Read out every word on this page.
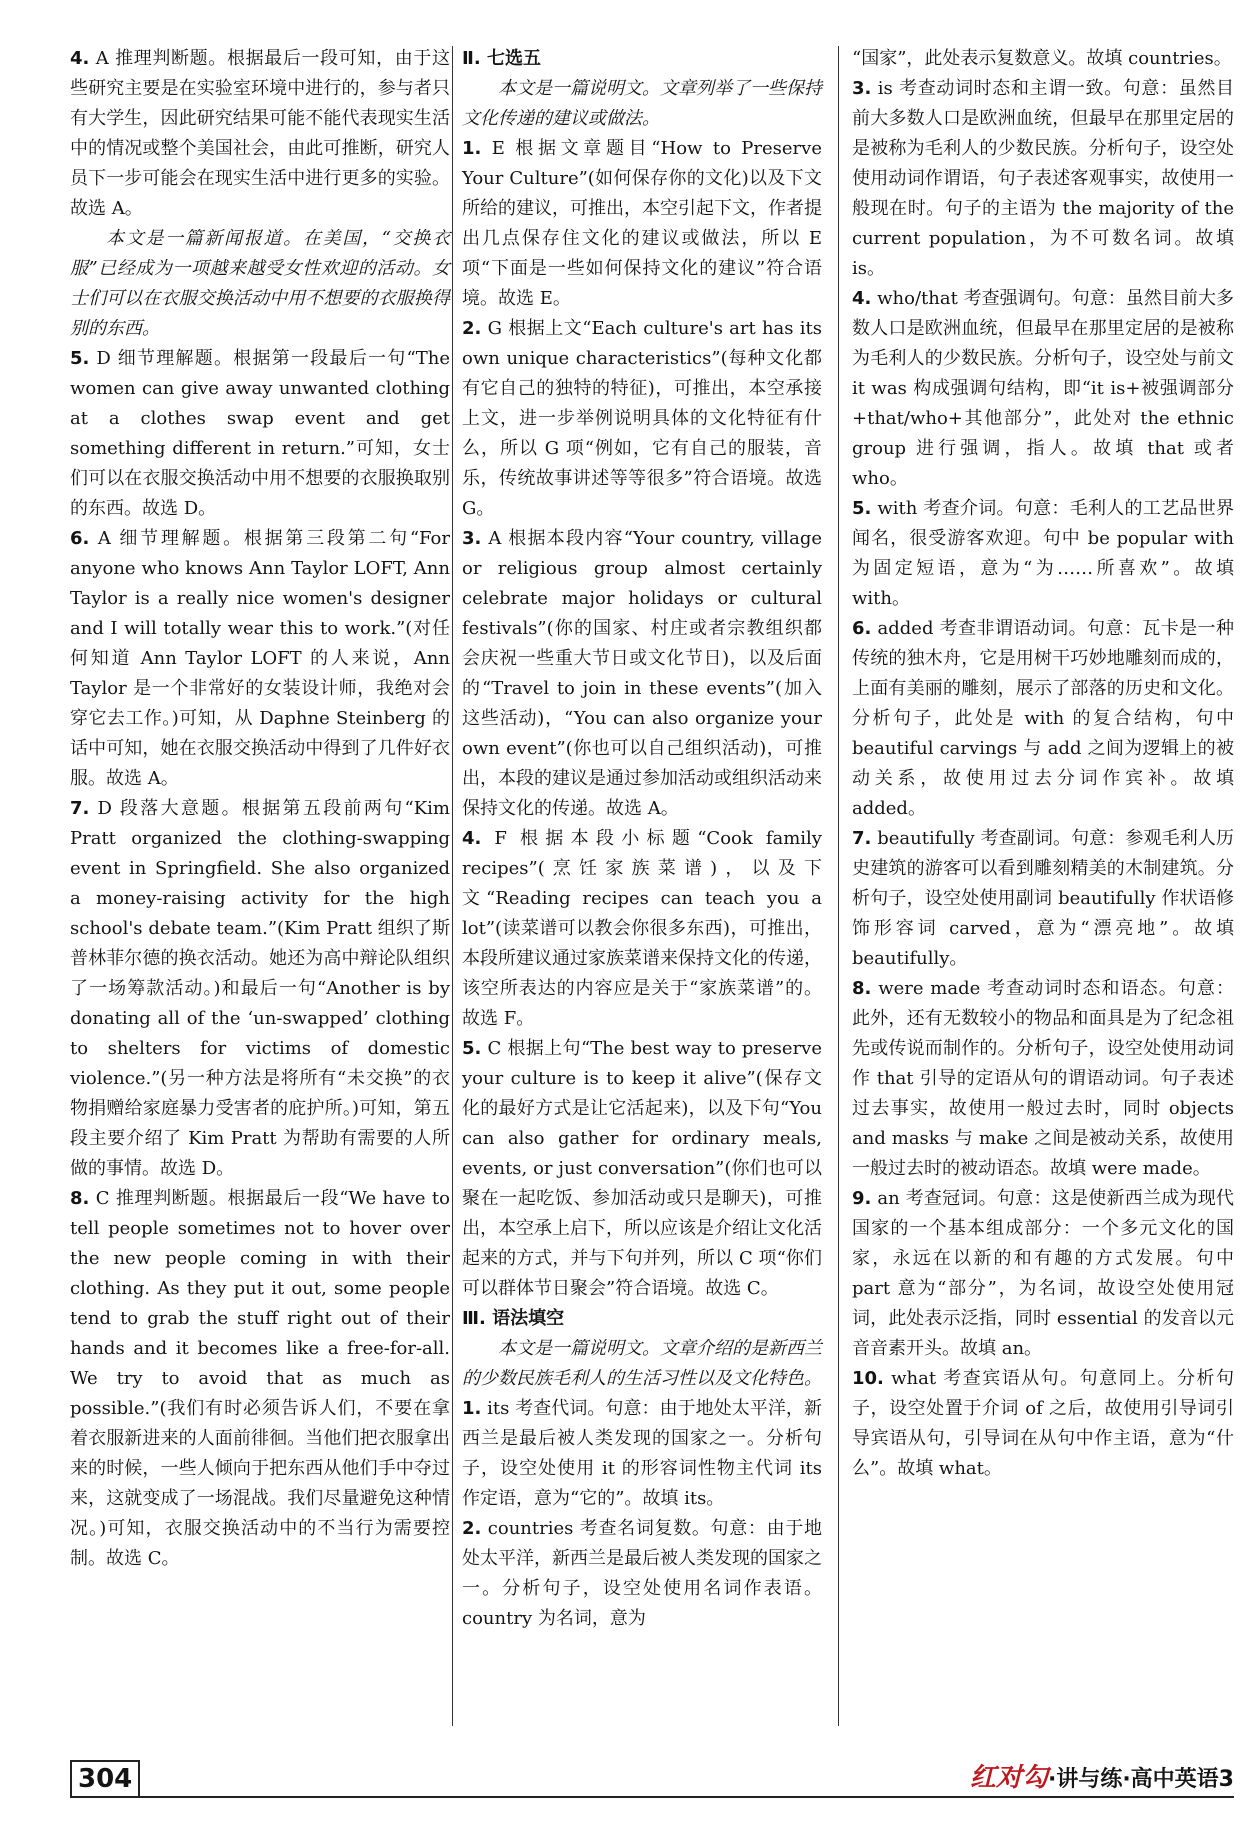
4. A 推理判断题。根据最后一段可知，由于这些研究主要是在实验室环境中进行的，参与者只有大学生，因此研究结果可能不能代表现实生活中的情况或整个美国社会，由此可推断，研究人员下一步可能会在现实生活中进行更多的实验。故选 A。

本文是一篇新闻报道。在美国，“交换衣服”已经成为一项越来越受女性欢迎的活动。女士们可以在衣服交换活动中用不想要的衣服换得别的东西。

5. D 细节理解题。根据第一段最后一句“The women can give away unwanted clothing at a clothes swap event and get something different in return.”可知，女士们可以在衣服交换活动中用不想要的衣服换取别的东西。故选 D。

6. A 细节理解题。根据第三段第二句“For anyone who knows Ann Taylor LOFT, Ann Taylor is a really nice women's designer and I will totally wear this to work.”(对任何知道 Ann Taylor LOFT 的人来说，Ann Taylor 是一个非常好的女装设计师，我绝对会穿它去工作。)可知，从 Daphne Steinberg 的话中可知，她在衣服交换活动中得到了几件好衣服。故选 A。

7. D 段落大意题。根据第五段前两句“Kim Pratt organized the clothing-swapping event in Springfield. She also organized a money-raising activity for the high school's debate team.”(Kim Pratt 组织了斯普林菲尔德的换衣活动。她还为高中辩论队组织了一场筹款活动。)和最后一句“Another is by donating all of the ‘un-swapped’ clothing to shelters for victims of domestic violence.”(另一种方法是将所有“未交换”的衣物捐赠给家庭暴力受害者的庇护所。)可知，第五段主要介绍了 Kim Pratt 为帮助有需要的人所做的事情。故选 D。

8. C 推理判断题。根据最后一段“We have to tell people sometimes not to hover over the new people coming in with their clothing. As they put it out, some people tend to grab the stuff right out of their hands and it becomes like a free-for-all. We try to avoid that as much as possible.”(我们有时必须告诉人们，不要在拿着衣服新进来的人面前徘徊。当他们把衣服拿出来的时候，一些人倾向于把东西从他们手中夺过来，这就变成了一场混战。我们尽量避免这种情况。)可知，衣服交换活动中的不当行为需要控制。故选 C。

Ⅱ. 七选五

本文是一篇说明文。文章列举了一些保持文化传递的建议或做法。

1. E 根据文章题目“How to Preserve Your Culture”(如何保存你的文化)以及下文所给的建议，可推出，本空引起下文，作者提出几点保存住文化的建议或做法，所以 E 项“下面是一些如何保持文化的建议”符合语境。故选 E。

2. G 根据上文“Each culture's art has its own unique characteristics”(每种文化都有它自己的独特的特征)，可推出，本空承接上文，进一步举例说明具体的文化特征有什么，所以 G 项“例如，它有自己的服装，音乐，传统故事讲述等等很多”符合语境。故选 G。

3. A 根据本段内容“Your country, village or religious group almost certainly celebrate major holidays or cultural festivals”(你的国家、村庄或者宗教组织都会庆祝一些重大节日或文化节日)，以及后面的“Travel to join in these events”(加入这些活动)，“You can also organize your own event”(你也可以自己组织活动)，可推出，本段的建议是通过参加活动或组织活动来保持文化的传递。故选 A。

4. F 根据本段小标题“Cook family recipes”(烹饪家族菜谱)，以及下文“Reading recipes can teach you a lot”(读菜谱可以教会你很多东西)，可推出，本段所建议通过家族菜谱来保持文化的传递，该空所表达的内容应是关于“家族菜谱”的。故选 F。

5. C 根据上句“The best way to preserve your culture is to keep it alive”(保存文化的最好方式是让它活起来)，以及下句“You can also gather for ordinary meals, events, or just conversation”(你们也可以聚在一起吃饭、参加活动或只是聊天)，可推出，本空承上启下，所以应该是介绍让文化活起来的方式，并与下句并列，所以 C 项“你们可以群体节日聚会”符合语境。故选 C。

Ⅲ. 语法填空

本文是一篇说明文。文章介绍的是新西兰的少数民族毛利人的生活习性以及文化特色。

1. its 考查代词。句意：由于地处太平洋，新西兰是最后被人类发现的国家之一。分析句子，设空处使用 it 的形容词性物主代词 its 作定语，意为“它的”。故填 its。

2. countries 考查名词复数。句意：由于地处太平洋，新西兰是最后被人类发现的国家之一。分析句子，设空处使用名词作表语。country 为名词，意为

“国家”，此处表示复数意义。故填 countries。

3. is 考查动词时态和主谓一致。句意：虽然目前大多数人口是欧洲血统，但最早在那里定居的是被称为毛利人的少数民族。分析句子，设空处使用动词作谓语，句子表述客观事实，故使用一般现在时。句子的主语为 the majority of the current population，为不可数名词。故填 is。

4. who/that 考查强调句。句意：虽然目前大多数人口是欧洲血统，但最早在那里定居的是被称为毛利人的少数民族。分析句子，设空处与前文 it was 构成强调句结构，即“it is+被强调部分+that/who+其他部分”，此处对 the ethnic group 进行强调，指人。故填 that 或者 who。

5. with 考查介词。句意：毛利人的工艺品世界闻名，很受游客欢迎。句中 be popular with 为固定短语，意为“为……所喜欢”。故填 with。

6. added 考查非谓语动词。句意：瓦卡是一种传统的独木舟，它是用树干巧妙地雕刻而成的，上面有美丽的雕刻，展示了部落的历史和文化。分析句子，此处是 with 的复合结构，句中 beautiful carvings 与 add 之间为逻辑上的被动关系，故使用过去分词作宾补。故填 added。

7. beautifully 考查副词。句意：参观毛利人历史建筑的游客可以看到雕刻精美的木制建筑。分析句子，设空处使用副词 beautifully 作状语修饰形容词 carved，意为“漂亮地”。故填 beautifully。

8. were made 考查动词时态和语态。句意：此外，还有无数较小的物品和面具是为了纪念祖先或传说而制作的。分析句子，设空处使用动词作 that 引导的定语从句的谓语动词。句子表述过去事实，故使用一般过去时，同时 objects and masks 与 make 之间是被动关系，故使用一般过去时的被动语态。故填 were made。

9. an 考查冠词。句意：这是使新西兰成为现代国家的一个基本组成部分：一个多元文化的国家，永远在以新的和有趣的方式发展。句中 part 意为“部分”，为名词，故设空处使用冠词，此处表示泛指，同时 essential 的发音以元音音素开头。故填 an。

10. what 考查宾语从句。句意同上。分析句子，设空处置于介词 of 之后，故使用引导词引导宾语从句，引导词在从句中作主语，意为“什么”。故填 what。

304	红对勾·讲与练·高中英语3
